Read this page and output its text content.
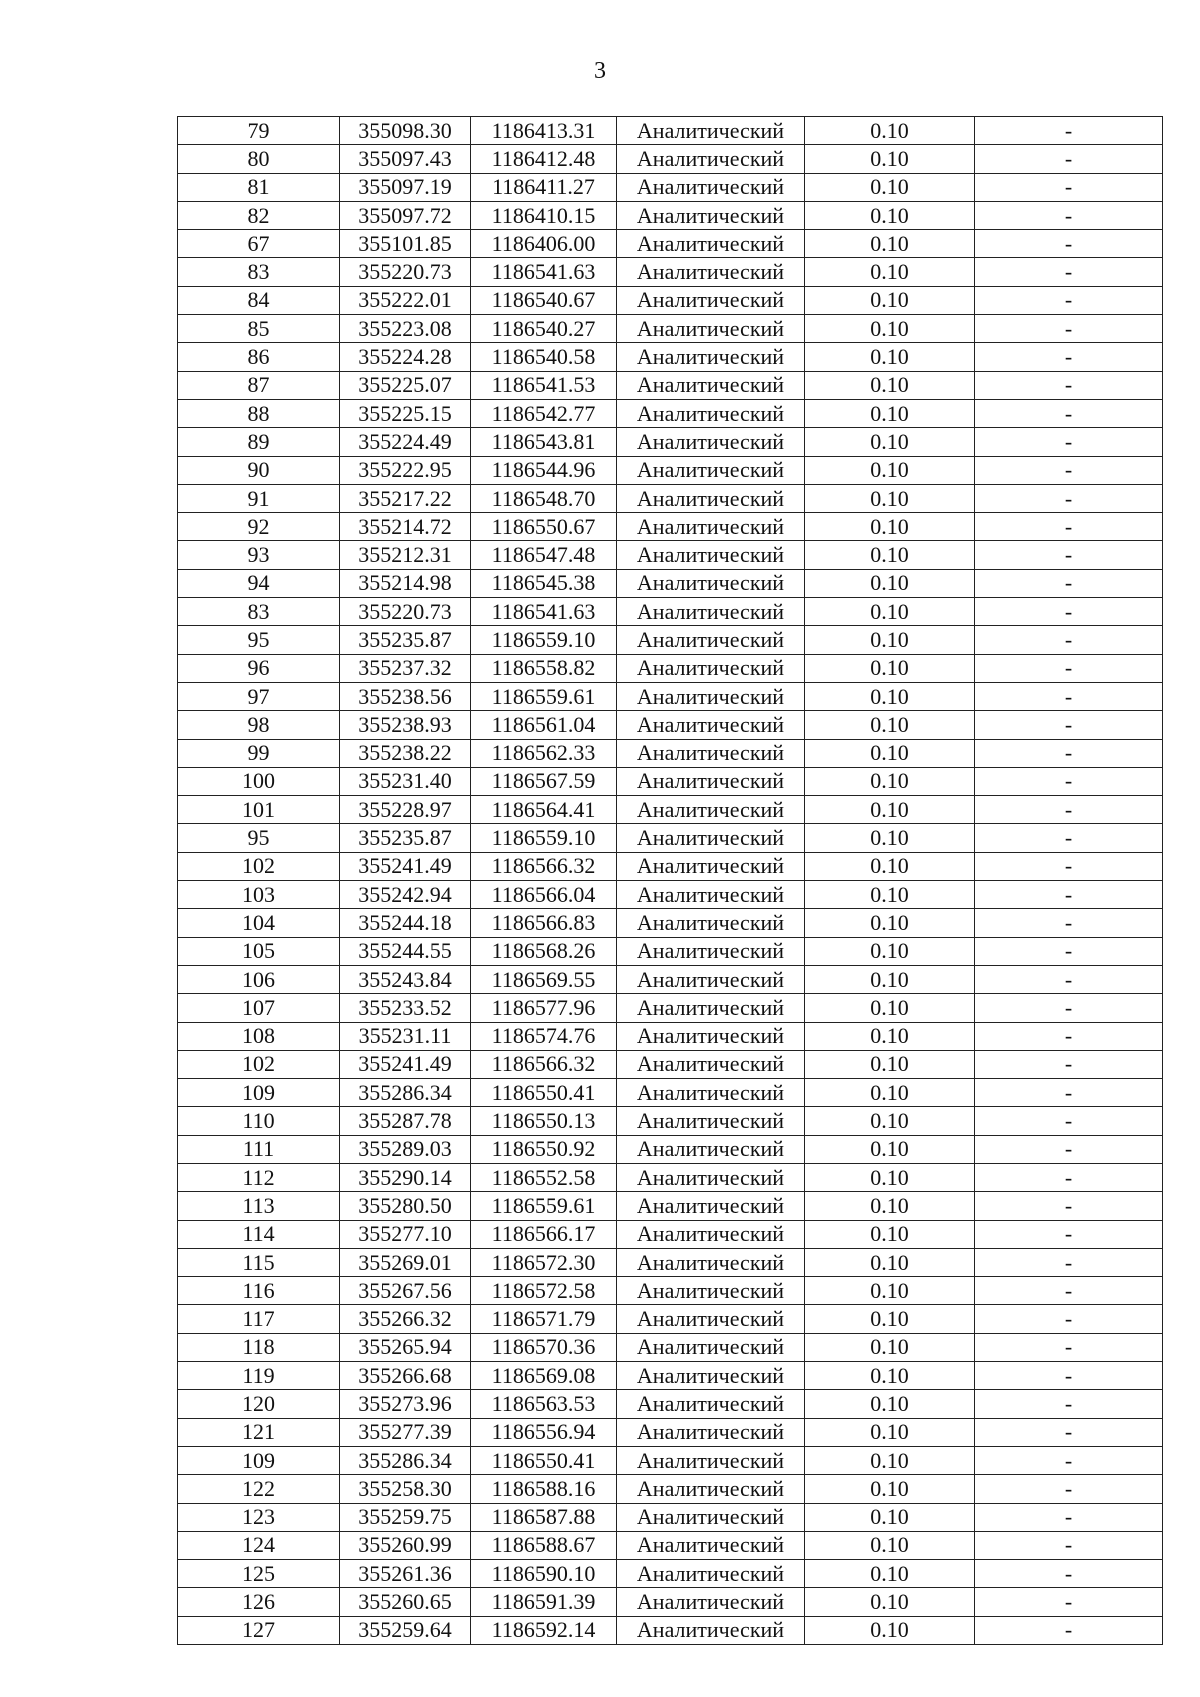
3
79	355098.30	1186413.31	Аналитический	0.10	-
80	355097.43	1186412.48	Аналитический	0.10	-
81	355097.19	1186411.27	Аналитический	0.10	-
82	355097.72	1186410.15	Аналитический	0.10	-
67	355101.85	1186406.00	Аналитический	0.10	-
83	355220.73	1186541.63	Аналитический	0.10	-
84	355222.01	1186540.67	Аналитический	0.10	-
85	355223.08	1186540.27	Аналитический	0.10	-
86	355224.28	1186540.58	Аналитический	0.10	-
87	355225.07	1186541.53	Аналитический	0.10	-
88	355225.15	1186542.77	Аналитический	0.10	-
89	355224.49	1186543.81	Аналитический	0.10	-
90	355222.95	1186544.96	Аналитический	0.10	-
91	355217.22	1186548.70	Аналитический	0.10	-
92	355214.72	1186550.67	Аналитический	0.10	-
93	355212.31	1186547.48	Аналитический	0.10	-
94	355214.98	1186545.38	Аналитический	0.10	-
83	355220.73	1186541.63	Аналитический	0.10	-
95	355235.87	1186559.10	Аналитический	0.10	-
96	355237.32	1186558.82	Аналитический	0.10	-
97	355238.56	1186559.61	Аналитический	0.10	-
98	355238.93	1186561.04	Аналитический	0.10	-
99	355238.22	1186562.33	Аналитический	0.10	-
100	355231.40	1186567.59	Аналитический	0.10	-
101	355228.97	1186564.41	Аналитический	0.10	-
95	355235.87	1186559.10	Аналитический	0.10	-
102	355241.49	1186566.32	Аналитический	0.10	-
103	355242.94	1186566.04	Аналитический	0.10	-
104	355244.18	1186566.83	Аналитический	0.10	-
105	355244.55	1186568.26	Аналитический	0.10	-
106	355243.84	1186569.55	Аналитический	0.10	-
107	355233.52	1186577.96	Аналитический	0.10	-
108	355231.11	1186574.76	Аналитический	0.10	-
102	355241.49	1186566.32	Аналитический	0.10	-
109	355286.34	1186550.41	Аналитический	0.10	-
110	355287.78	1186550.13	Аналитический	0.10	-
111	355289.03	1186550.92	Аналитический	0.10	-
112	355290.14	1186552.58	Аналитический	0.10	-
113	355280.50	1186559.61	Аналитический	0.10	-
114	355277.10	1186566.17	Аналитический	0.10	-
115	355269.01	1186572.30	Аналитический	0.10	-
116	355267.56	1186572.58	Аналитический	0.10	-
117	355266.32	1186571.79	Аналитический	0.10	-
118	355265.94	1186570.36	Аналитический	0.10	-
119	355266.68	1186569.08	Аналитический	0.10	-
120	355273.96	1186563.53	Аналитический	0.10	-
121	355277.39	1186556.94	Аналитический	0.10	-
109	355286.34	1186550.41	Аналитический	0.10	-
122	355258.30	1186588.16	Аналитический	0.10	-
123	355259.75	1186587.88	Аналитический	0.10	-
124	355260.99	1186588.67	Аналитический	0.10	-
125	355261.36	1186590.10	Аналитический	0.10	-
126	355260.65	1186591.39	Аналитический	0.10	-
127	355259.64	1186592.14	Аналитический	0.10	-
